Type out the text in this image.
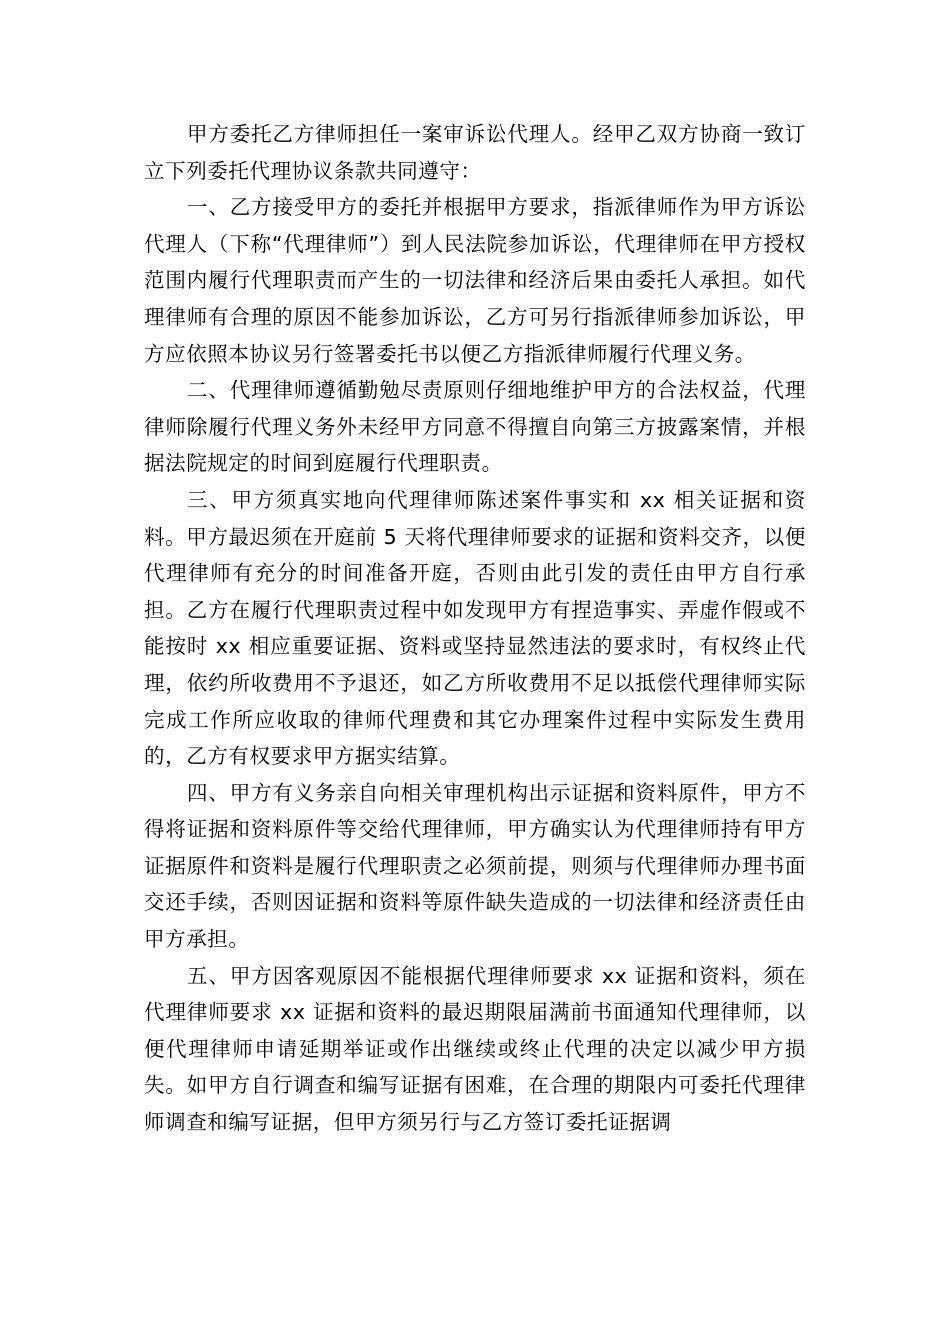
甲方委托乙方律师担任一案审诉讼代理人。经甲乙双方协商一致订立下列委托代理协议条款共同遵守：

一、乙方接受甲方的委托并根据甲方要求，指派律师作为甲方诉讼代理人（下称“代理律师”）到人民法院参加诉讼，代理律师在甲方授权范围内履行代理职责而产生的一切法律和经济后果由委托人承担。如代理律师有合理的原因不能参加诉讼，乙方可另行指派律师参加诉讼，甲方应依照本协议另行签署委托书以便乙方指派律师履行代理义务。

二、代理律师遵循勤勉尽责原则仔细地维护甲方的合法权益，代理律师除履行代理义务外未经甲方同意不得擅自向第三方披露案情，并根据法院规定的时间到庭履行代理职责。

三、甲方须真实地向代理律师陈述案件事实和 xx 相关证据和资料。甲方最迟须在开庭前 5 天将代理律师要求的证据和资料交齐，以便代理律师有充分的时间准备开庭，否则由此引发的责任由甲方自行承担。乙方在履行代理职责过程中如发现甲方有捏造事实、弄虚作假或不能按时 xx 相应重要证据、资料或坚持显然违法的要求时，有权终止代理，依约所收费用不予退还，如乙方所收费用不足以抵偿代理律师实际完成工作所应收取的律师代理费和其它办理案件过程中实际发生费用的，乙方有权要求甲方据实结算。

四、甲方有义务亲自向相关审理机构出示证据和资料原件，甲方不得将证据和资料原件等交给代理律师，甲方确实认为代理律师持有甲方证据原件和资料是履行代理职责之必须前提，则须与代理律师办理书面交还手续，否则因证据和资料等原件缺失造成的一切法律和经济责任由甲方承担。

五、甲方因客观原因不能根据代理律师要求 xx 证据和资料，须在代理律师要求 xx 证据和资料的最迟期限届满前书面通知代理律师，以便代理律师申请延期举证或作出继续或终止代理的决定以减少甲方损失。如甲方自行调查和编写证据有困难，在合理的期限内可委托代理律师调查和编写证据，但甲方须另行与乙方签订委托证据调
